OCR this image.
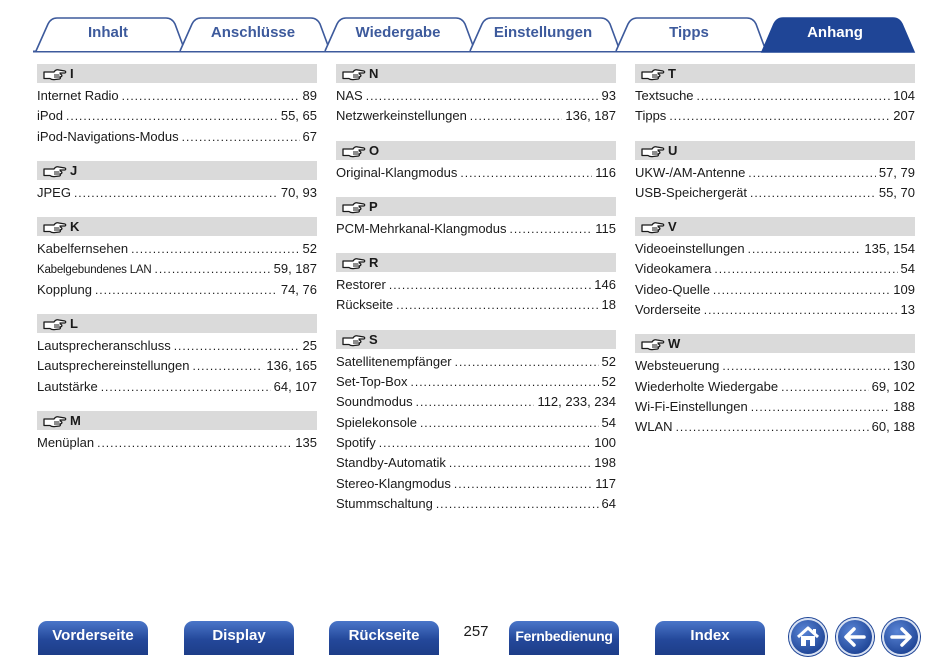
Inhalt	Anschlüsse	Wiedergabe	Einstellungen	Tipps	Anhang
I
Internet Radio .....	89
iPod .....	55, 65
iPod-Navigations-Modus .....	67
J
JPEG .....	70, 93
K
Kabelfernsehen .....	52
Kabelgebundenes LAN .....	59, 187
Kopplung .....	74, 76
L
Lautsprecheranschluss .....	25
Lautsprechereinstellungen .....	136, 165
Lautstärke .....	64, 107
M
Menüplan .....	135
N
NAS .....	93
Netzwerkeinstellungen .....	136, 187
O
Original-Klangmodus .....	116
P
PCM-Mehrkanal-Klangmodus .....	115
R
Restorer .....	146
Rückseite .....	18
S
Satellitenempfänger .....	52
Set-Top-Box .....	52
Soundmodus .....	112, 233, 234
Spielekonsole .....	54
Spotify .....	100
Standby-Automatik .....	198
Stereo-Klangmodus .....	117
Stummschaltung .....	64
T
Textsuche .....	104
Tipps .....	207
U
UKW-/AM-Antenne .....	57, 79
USB-Speichergerät .....	55, 70
V
Videoeinstellungen .....	135, 154
Videokamera .....	54
Video-Quelle .....	109
Vorderseite .....	13
W
Websteuerung .....	130
Wiederholte Wiedergabe .....	69, 102
Wi-Fi-Einstellungen .....	188
WLAN .....	60, 188
Vorderseite	Display	Rückseite	257	Fernbedienung	Index
